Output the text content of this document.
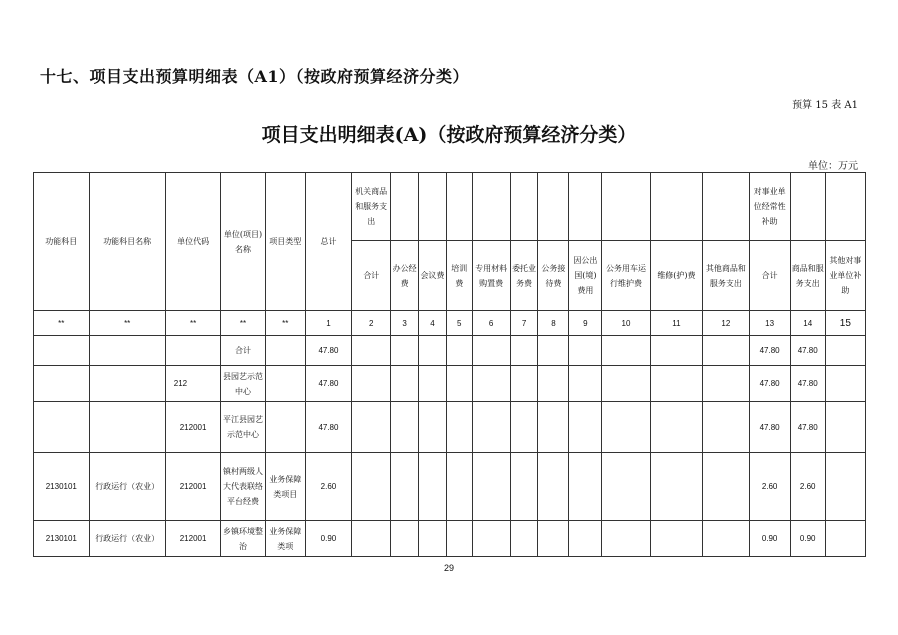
十七、项目支出预算明细表（A1）（按政府预算经济分类）
预算 15 表 A1
项目支出明细表(A)（按政府预算经济分类）
单位：万元
功能科目	功能科目名称	单位代码	单位(项目)名称	项目类型	总计	机关商品和服务支出											对事业单位经常性补助		
						合计	办公经费	会议费	培训费	专用材料购置费	委托业务费	公务接待费	因公出国(境)费用	公务用车运行维护费	维修(护)费	其他商品和服务支出	合计	商品和服务支出	其他对事业单位补助
**	**	**	**	**	1	2	3	4	5	6	7	8	9	10	11	12	13	14	15
			合计		47.80												47.80	47.80	
		212	县园艺示范中心		47.80												47.80	47.80	
		212001	平江县园艺示范中心		47.80												47.80	47.80	
2130101	行政运行（农业）	212001	镇村两级人大代表联络平台经费	业务保障类项目	2.60												2.60	2.60	
2130101	行政运行（农业）	212001	乡镇环境整治	业务保障类项	0.90												0.90	0.90	
29
